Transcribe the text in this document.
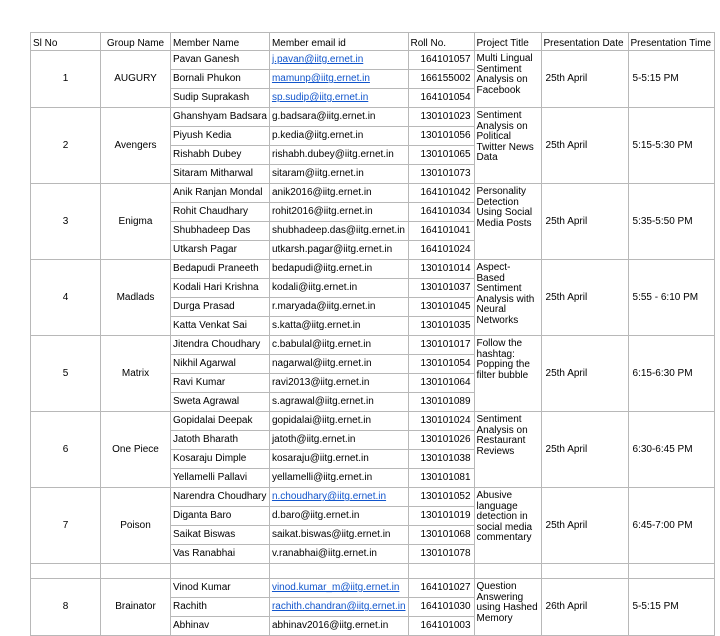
Sl No	Group Name	Member Name	Member email id	Roll No.	Project Title	Presentation Date	Presentation Time
1	AUGURY	Pavan Ganesh	j.pavan@iitg.ernet.in	164101057	Multi Lingual Sentiment Analysis on Facebook	25th April	5-5:15 PM
		Bornali Phukon	mamunp@iitg.ernet.in	166155002			
		Sudip Suprakash	sp.sudip@iitg.ernet.in	164101054			
2	Avengers	Ghanshyam Badsara	g.badsara@iitg.ernet.in	130101023	Sentiment Analysis on Political Twitter News Data	25th April	5:15-5:30 PM
		Piyush Kedia	p.kedia@iitg.ernet.in	130101056			
		Rishabh Dubey	rishabh.dubey@iitg.ernet.in	130101065			
		Sitaram Mitharwal	sitaram@iitg.ernet.in	130101073			
3	Enigma	Anik Ranjan Mondal	anik2016@iitg.ernet.in	164101042	Personality Detection Using Social Media Posts	25th April	5:35-5:50 PM
		Rohit Chaudhary	rohit2016@iitg.ernet.in	164101034			
		Shubhadeep Das	shubhadeep.das@iitg.ernet.in	164101041			
		Utkarsh Pagar	utkarsh.pagar@iitg.ernet.in	164101024			
4	Madlads	Bedapudi Praneeth	bedapudi@iitg.ernet.in	130101014	Aspect-Based Sentiment Analysis with Neural Networks	25th April	5:55 - 6:10 PM
		Kodali Hari Krishna	kodali@iitg.ernet.in	130101037			
		Durga Prasad	r.maryada@iitg.ernet.in	130101045			
		Katta Venkat Sai	s.katta@iitg.ernet.in	130101035			
5	Matrix	Jitendra Choudhary	c.babulal@iitg.ernet.in	130101017	Follow the hashtag: Popping the filter bubble	25th April	6:15-6:30 PM
		Nikhil Agarwal	nagarwal@iitg.ernet.in	130101054			
		Ravi Kumar	ravi2013@iitg.ernet.in	130101064			
		Sweta Agrawal	s.agrawal@iitg.ernet.in	130101089			
6	One Piece	Gopidalai Deepak	gopidalai@iitg.ernet.in	130101024	Sentiment Analysis on Restaurant Reviews	25th April	6:30-6:45 PM
		Jatoth Bharath	jatoth@iitg.ernet.in	130101026			
		Kosaraju Dimple	kosaraju@iitg.ernet.in	130101038			
		Yellamelli Pallavi	yellamelli@iitg.ernet.in	130101081			
7	Poison	Narendra Choudhary	n.choudhary@iitg.ernet.in	130101052	Abusive language detection in social media commentary	25th April	6:45-7:00 PM
		Diganta Baro	d.baro@iitg.ernet.in	130101019			
		Saikat Biswas	saikat.biswas@iitg.ernet.in	130101068			
		Vas Ranabhai	v.ranabhai@iitg.ernet.in	130101078			

8	Brainator	Vinod Kumar	vinod.kumar_m@iitg.ernet.in	164101027	Question Answering using Hashed Memory	26th April	5-5:15 PM
		Rachith	rachith.chandran@iitg.ernet.in	164101030			
		Abhinav	abhinav2016@iitg.ernet.in	164101003			
